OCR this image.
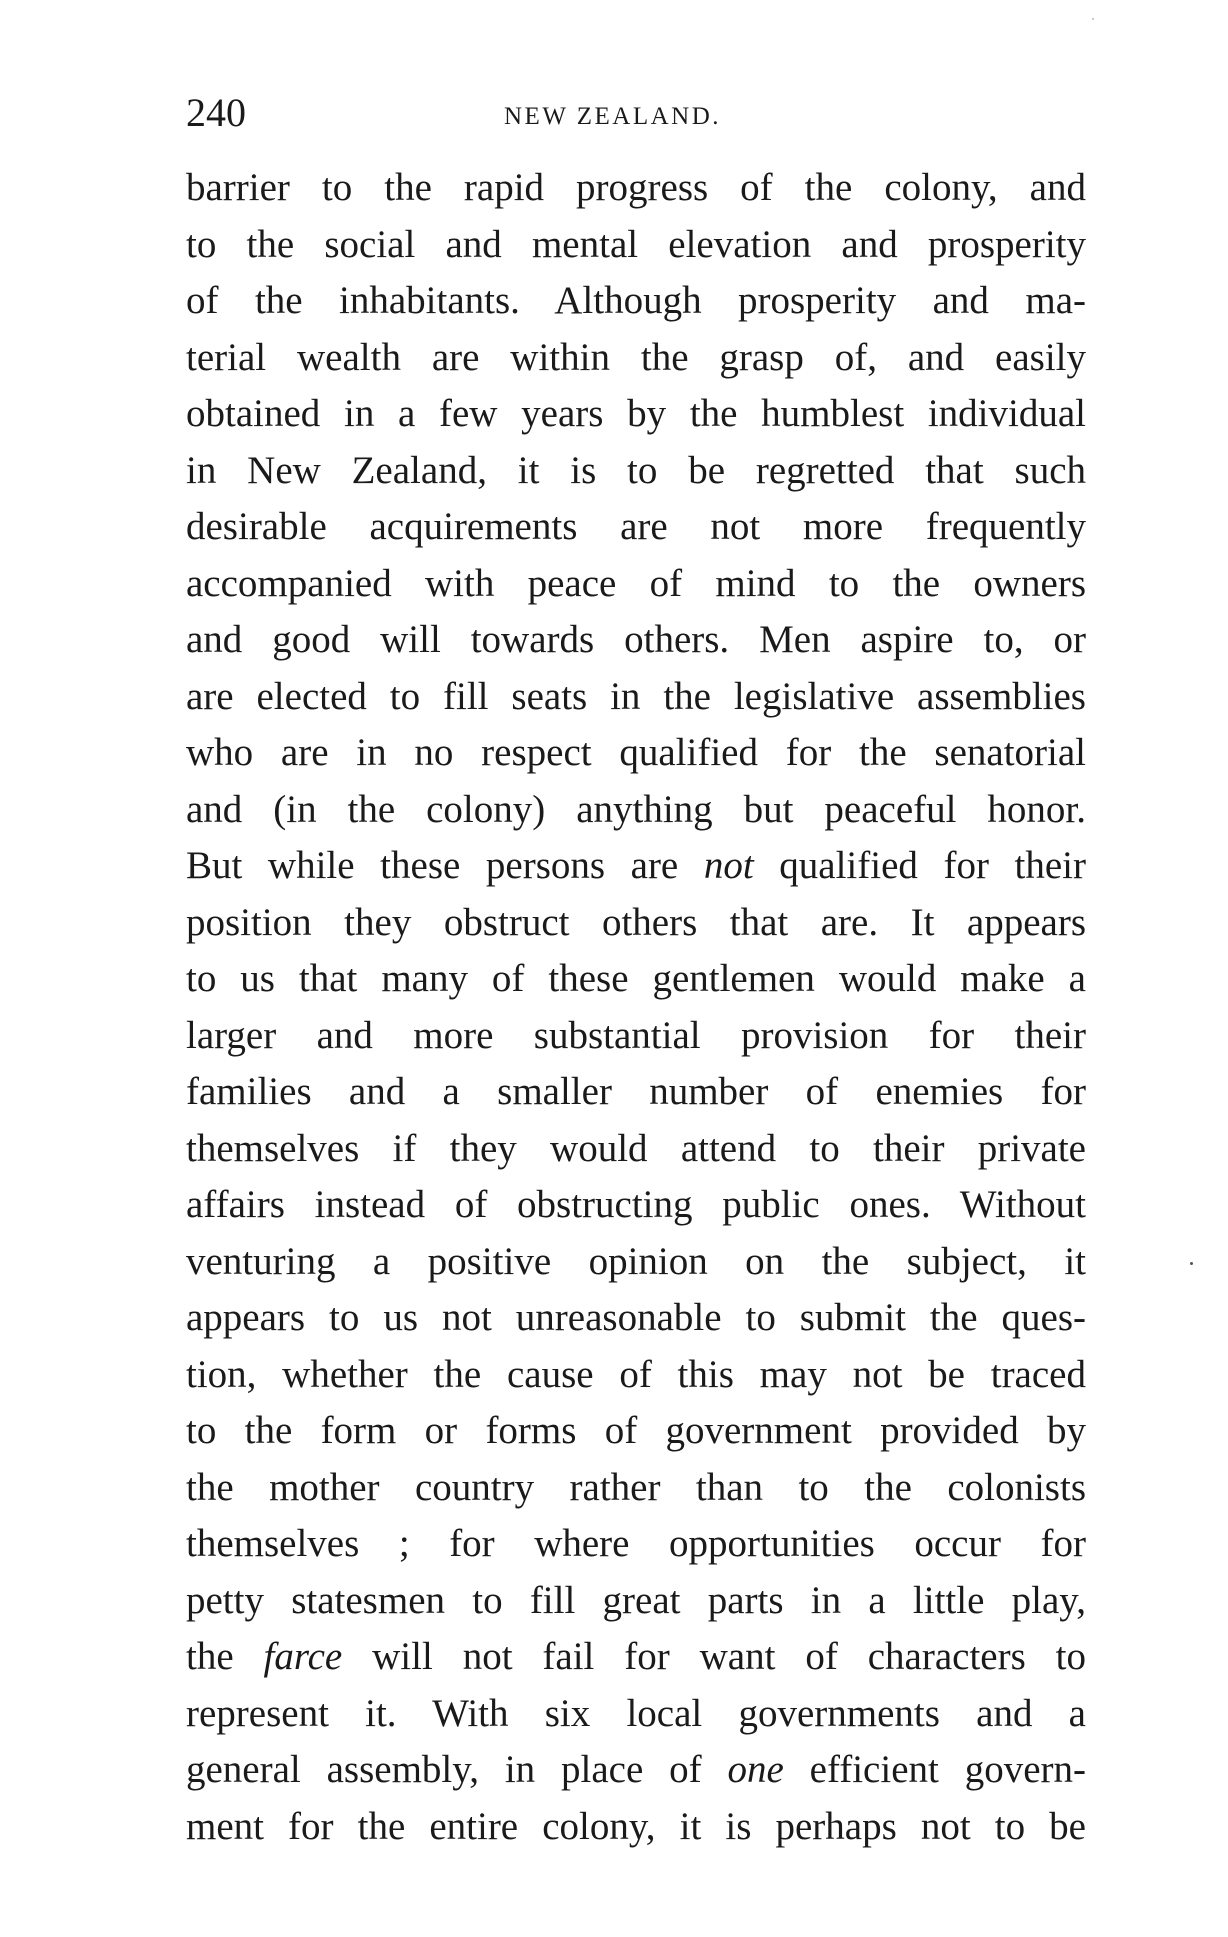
240	NEW ZEALAND.
barrier to the rapid progress of the colony, and
to the social and mental elevation and prosperity
of the inhabitants. Although prosperity and ma-
terial wealth are within the grasp of, and easily
obtained in a few years by the humblest individual
in New Zealand, it is to be regretted that such
desirable acquirements are not more frequently
accompanied with peace of mind to the owners
and good will towards others. Men aspire to, or
are elected to fill seats in the legislative assemblies
who are in no respect qualified for the senatorial
and (in the colony) anything but peaceful honor.
But while these persons are not qualified for their
position they obstruct others that are. It appears
to us that many of these gentlemen would make a
larger and more substantial provision for their
families and a smaller number of enemies for
themselves if they would attend to their private
affairs instead of obstructing public ones. Without
venturing a positive opinion on the subject, it
appears to us not unreasonable to submit the ques-
tion, whether the cause of this may not be traced
to the form or forms of government provided by
the mother country rather than to the colonists
themselves ; for where opportunities occur for
petty statesmen to fill great parts in a little play,
the farce will not fail for want of characters to
represent it. With six local governments and a
general assembly, in place of one efficient govern-
ment for the entire colony, it is perhaps not to be
